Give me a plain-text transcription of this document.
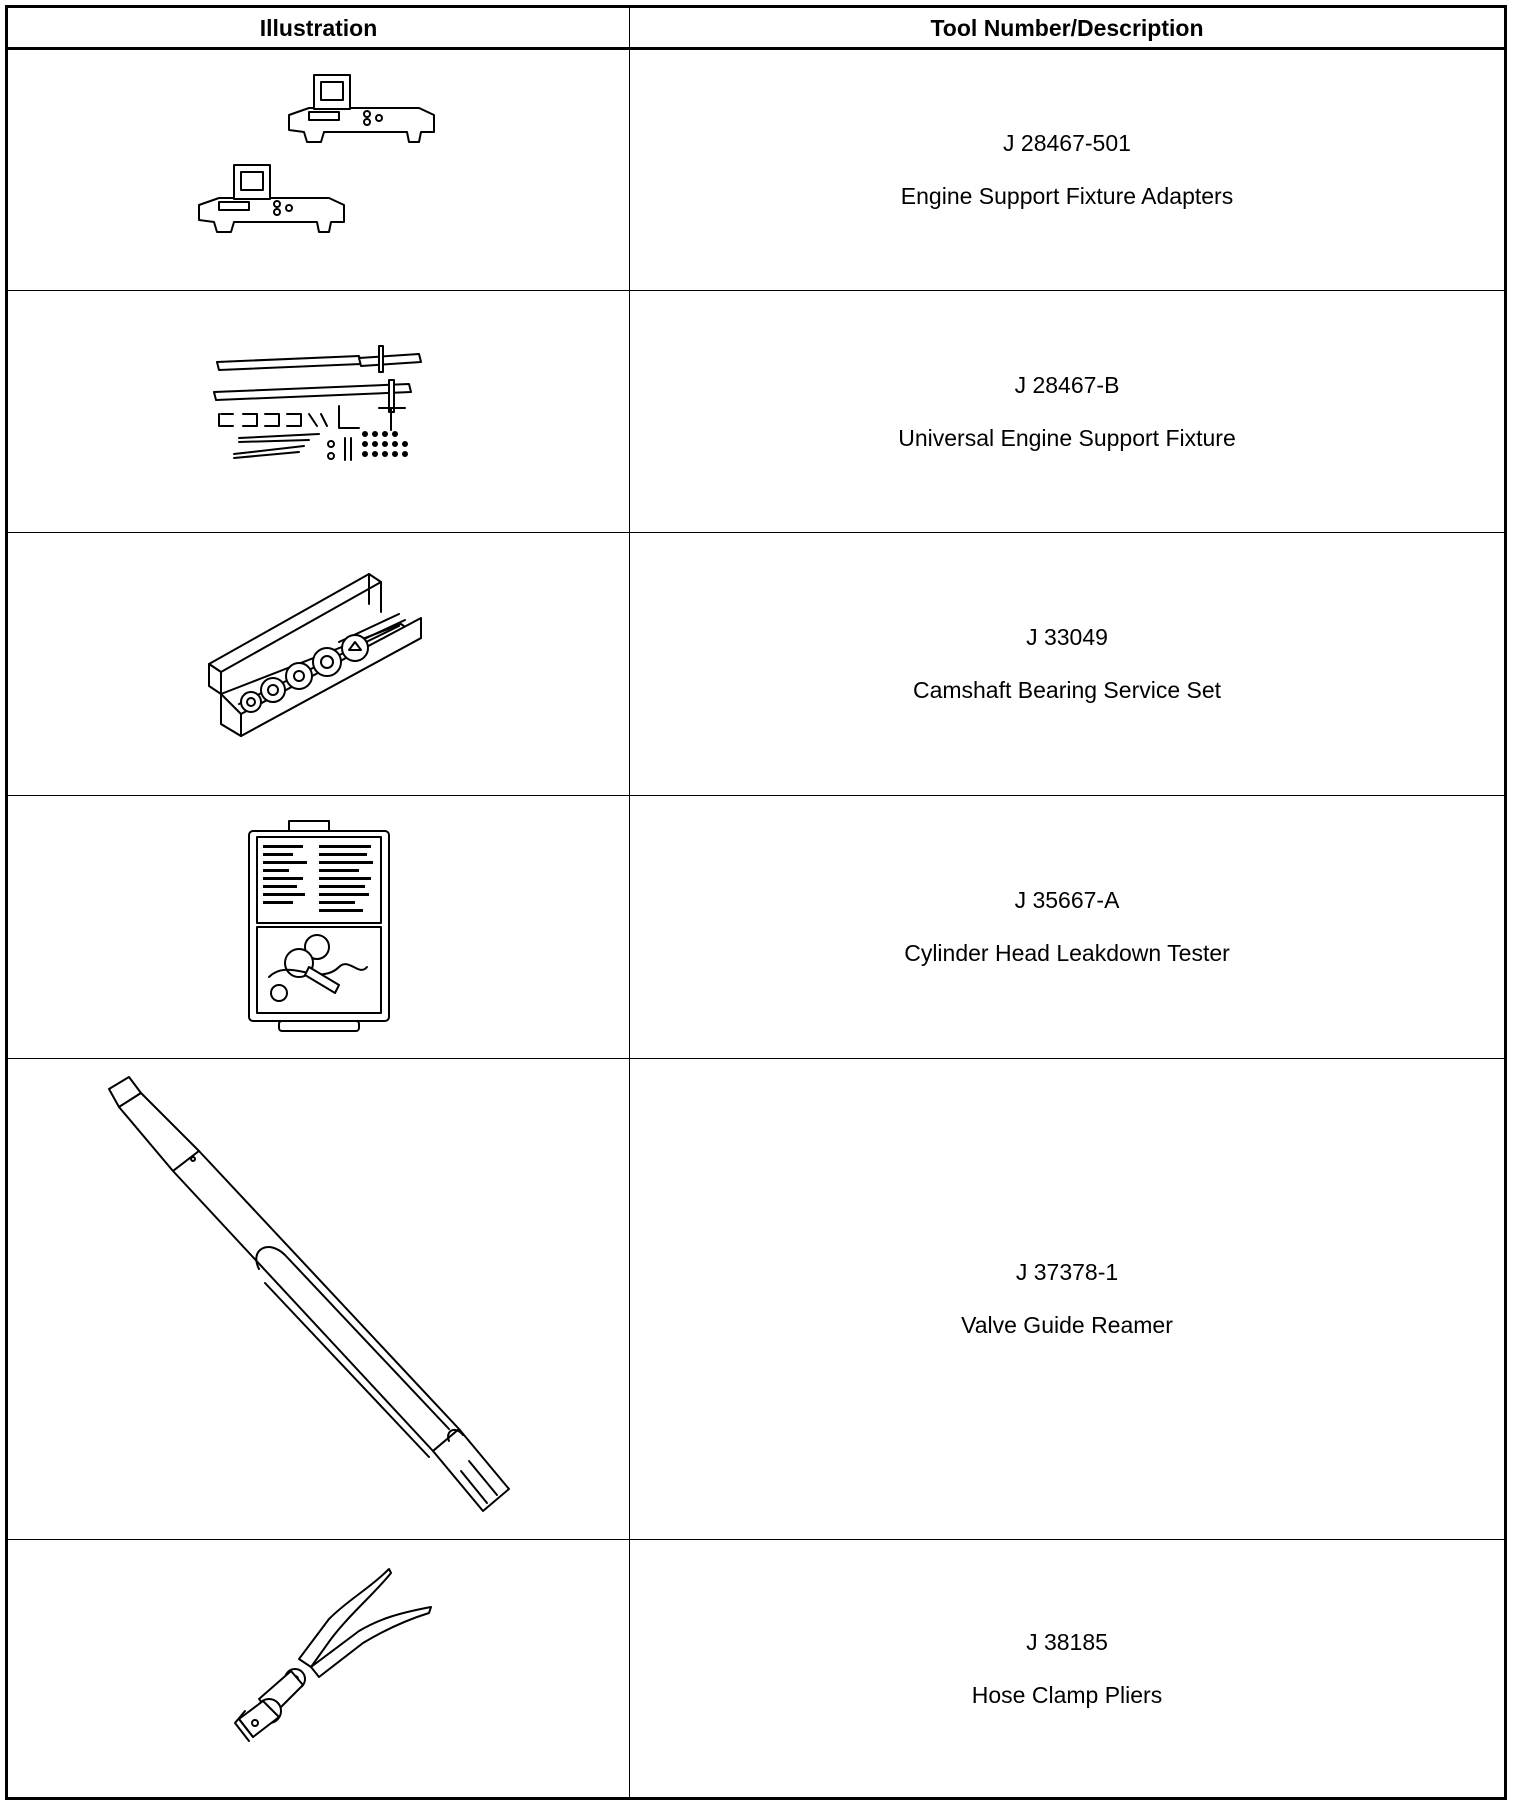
Illustration	Tool Number/Description
J 28467-501
Engine Support Fixture Adapters
J 28467-B
Universal Engine Support Fixture
J 33049
Camshaft Bearing Service Set
J 35667-A
Cylinder Head Leakdown Tester
J 37378-1
Valve Guide Reamer
J 38185
Hose Clamp Pliers
